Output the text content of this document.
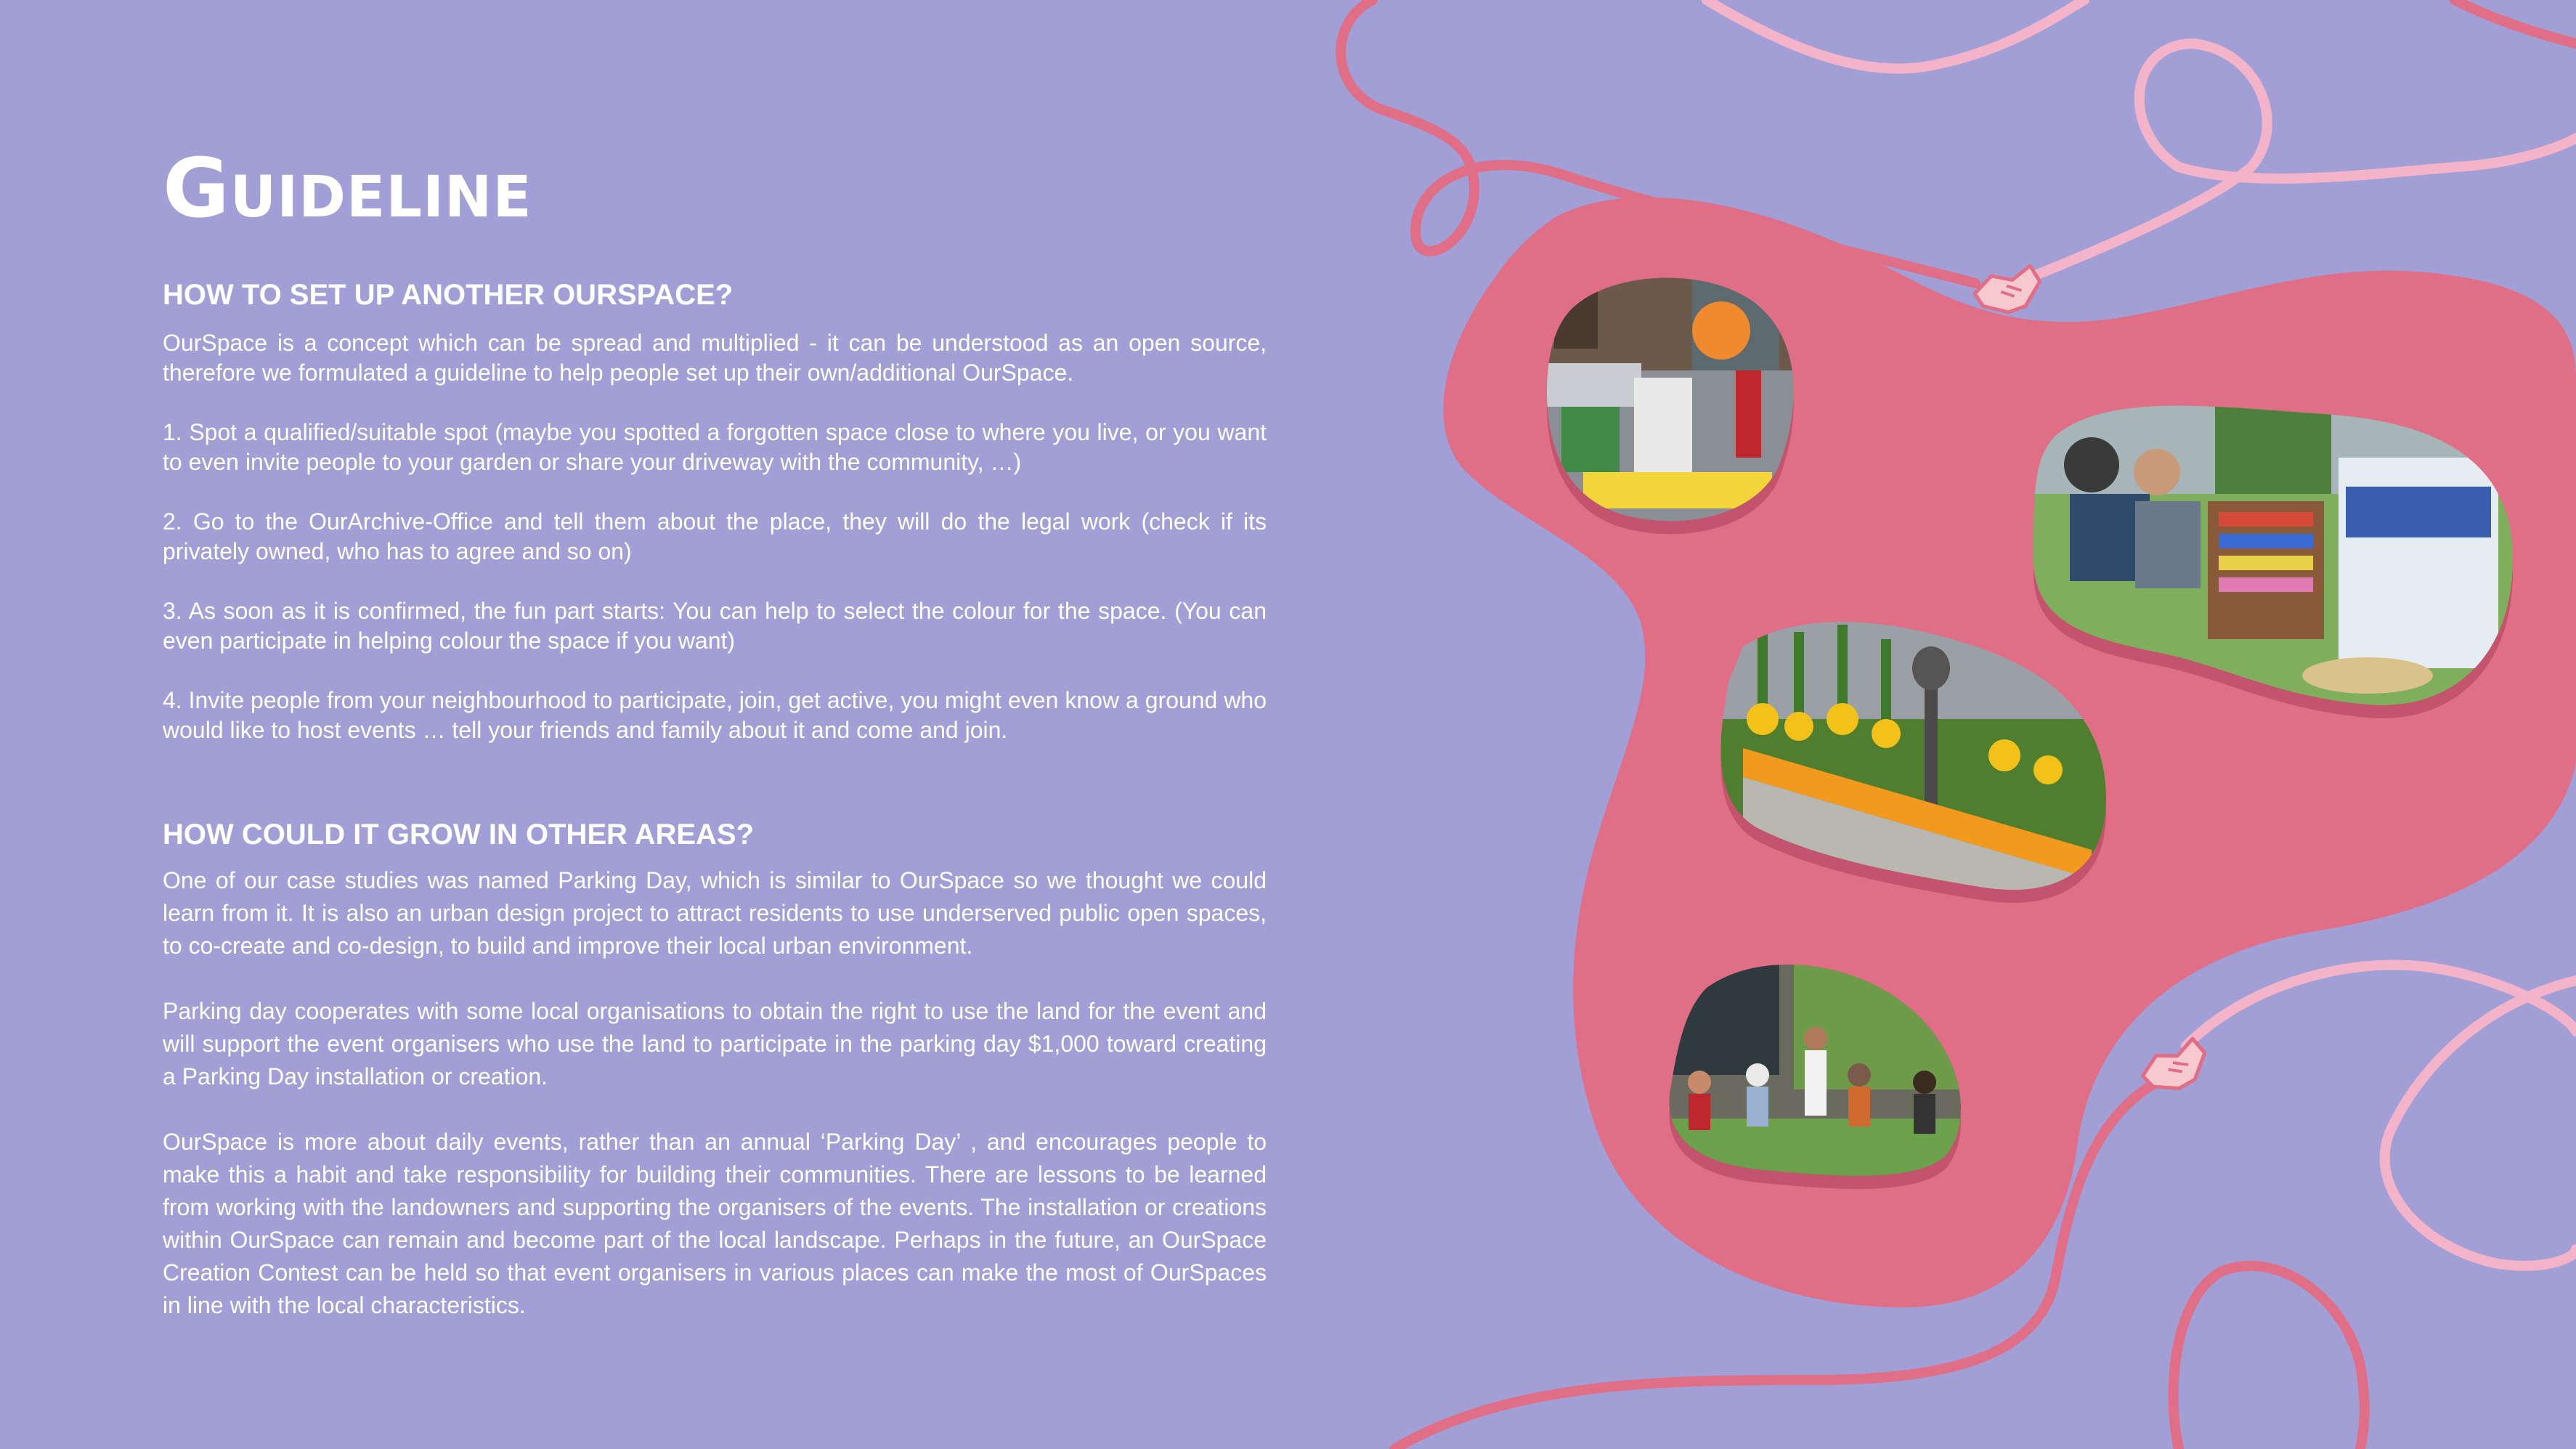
Guideline
HOW TO SET UP ANOTHER OURSPACE?

OurSpace is a concept which can be spread and multiplied - it can be understood as an open source, therefore we formulated a guideline to help people set up their own/additional OurSpace.

1. Spot a qualified/suitable spot (maybe you spotted a forgotten space close to where you live, or you want to even invite people to your garden or share your driveway with the community, …)

2. Go to the OurArchive-Office and tell them about the place, they will do the legal work (check if its privately owned, who has to agree and so on)

3. As soon as it is confirmed, the fun part starts: You can help to select the colour for the space. (You can even participate in helping colour the space if you want)

4. Invite people from your neighbourhood to participate, join, get active, you might even know a ground who would like to host events … tell your friends and family about it and come and join.

HOW COULD IT GROW IN OTHER AREAS?

One of our case studies was named Parking Day, which is similar to OurSpace so we thought we could learn from it. It is also an urban design project to attract residents to use underserved public open spaces, to co-create and co-design, to build and improve their local urban environment.

Parking day cooperates with some local organisations to obtain the right to use the land for the event and will support the event organisers who use the land to participate in the parking day $1,000 toward creating a Parking Day installation or creation.

OurSpace is more about daily events, rather than an annual ‘Parking Day’ , and encourages people to make this a habit and take responsibility for building their communities. There are lessons to be learned from working with the landowners and supporting the organisers of the events. The installation or creations within OurSpace can remain and become part of the local landscape. Perhaps in the future, an OurSpace Creation Contest can be held so that event organisers in various places can make the most of OurSpaces in line with the local characteristics.
